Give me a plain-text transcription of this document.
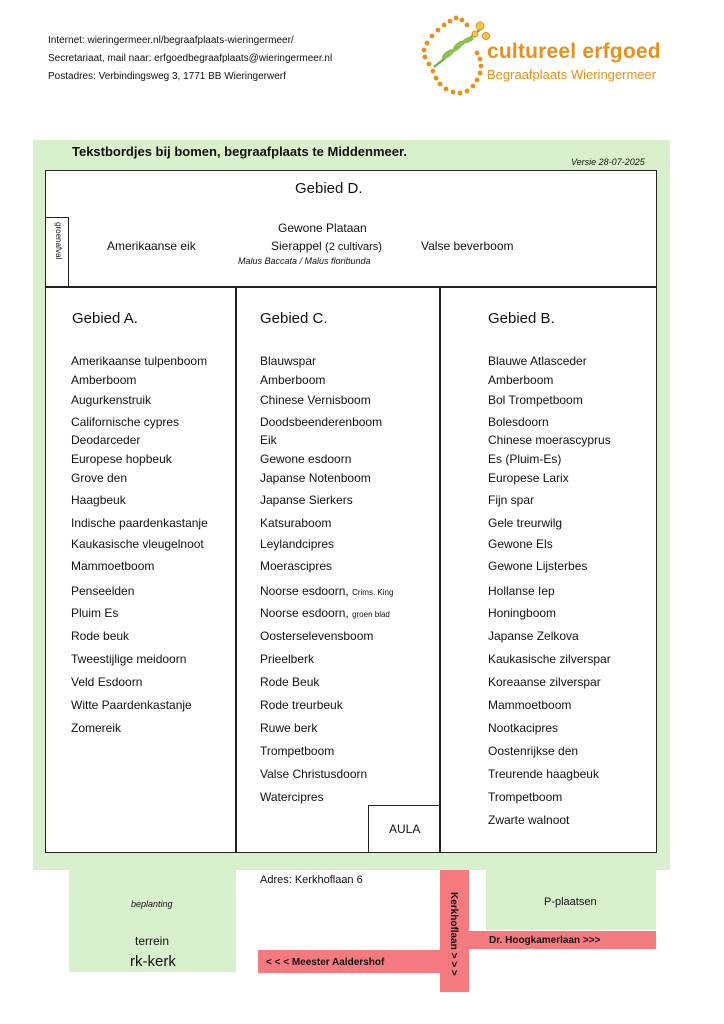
Internet: wieringermeer.nl/begraafplaats-wieringermeer/
Secretariaat, mail naar: erfgoedbegraafplaats@wieringermeer.nl
Postadres: Verbindingsweg 3, 1771 BB Wieringerwerf
cultureel erfgoed
Begraafplaats Wieringermeer
Tekstbordjes bij bomen, begraafplaats te Middenmeer.
Versie 28-07-2025
Gebied D.
groenafval	Amerikaanse eik
Gewone Plataan
Sierappel (2 cultivars)
Malus Baccata / Malus floribunda
Valse beverboom
Gebied A.
Amerikaanse tulpenboom
Amberboom
Augurkenstruik
Californische cypres
Deodarceder
Europese hopbeuk
Grove den
Haagbeuk
Indische paardenkastanje
Kaukasische vleugelnoot
Mammoetboom
Penseelden
Pluim Es
Rode beuk
Tweestijlige meidoorn
Veld Esdoorn
Witte Paardenkastanje
Zomereik
Gebied C.
Blauwspar
Amberboom
Chinese Vernisboom
Doodsbeenderenboom
Eik
Gewone esdoorn
Japanse Notenboom
Japanse Sierkers
Katsuraboom
Leylandcipres
Moerascipres
Noorse esdoorn, Crims. King
Noorse esdoorn, groen blad
Oosterselevensboom
Prieelberk
Rode Beuk
Rode treurbeuk
Ruwe berk
Trompetboom
Valse Christusdoorn
Watercipres
AULA
Gebied B.
Blauwe Atlasceder
Amberboom
Bol Trompetboom
Bolesdoorn
Chinese moerascyprus
Es (Pluim-Es)
Europese Larix
Fijn spar
Gele treurwilg
Gewone Els
Gewone Lijsterbes
Hollanse Iep
Honingboom
Japanse Zelkova
Kaukasische zilverspar
Koreaanse zilverspar
Mammoetboom
Nootkacipres
Oostenrijkse den
Treurende haagbeuk
Trompetboom
Zwarte walnoot
beplanting
terrein
rk-kerk
Adres: Kerkhoflaan 6
P-plaatsen
Kerkhoflaan > > >
< < < Meester Aaldershof
Dr. Hoogkamerlaan >>>
